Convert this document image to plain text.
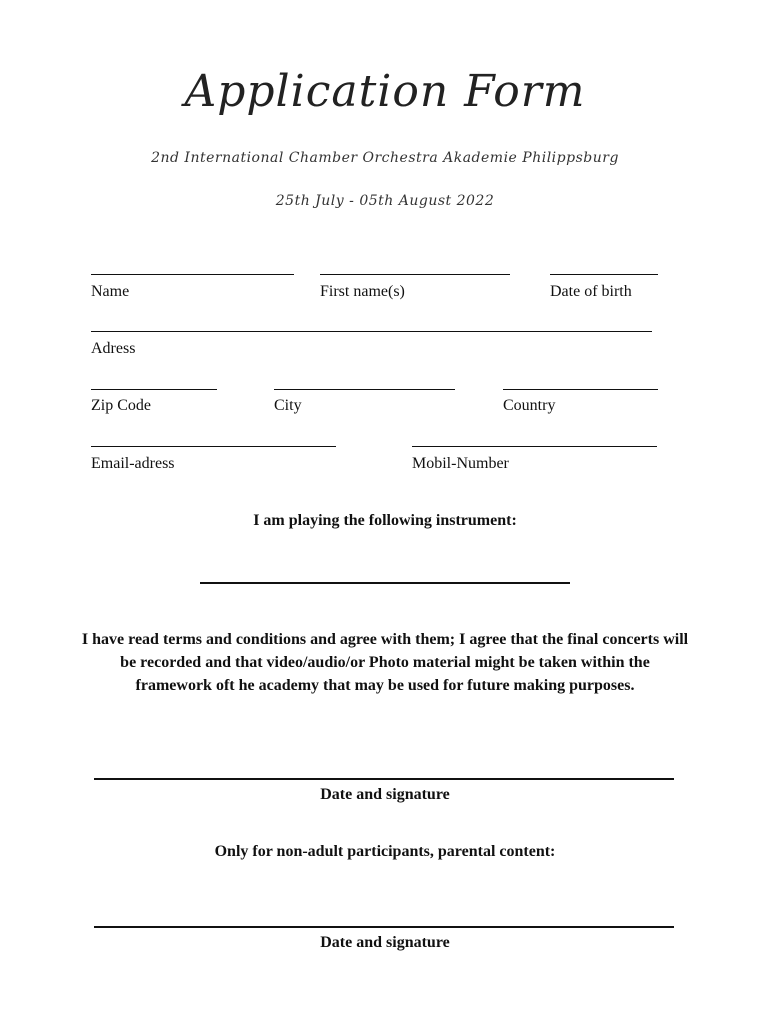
Application Form
2nd International Chamber Orchestra Akademie Philippsburg
25th July - 05th August 2022
Name	First name(s)	Date of birth
Adress
Zip Code	City	Country
Email-adress	Mobil-Number
I am playing the following instrument:
I have read terms and conditions and agree with them; I agree that the final concerts will be recorded and that video/audio/or Photo material might be taken within the framework oft he academy that may be used for future making purposes.
Date and signature
Only for non-adult participants, parental content:
Date and signature
